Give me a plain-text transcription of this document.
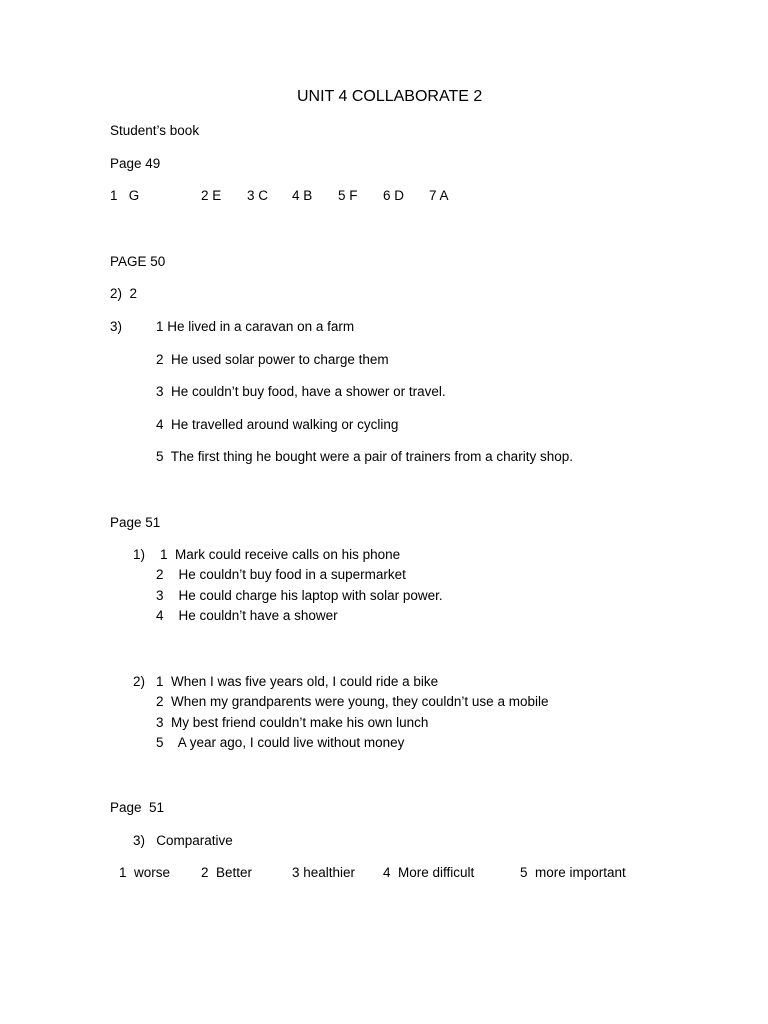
UNIT 4 COLLABORATE 2
Student’s book
Page 49
1   G	2 E 3 C 4 B 5 F 6 D 7 A
PAGE 50
2)  2
3)	1 He lived in a caravan on a farm
2  He used solar power to charge them
3  He couldn’t buy food, have a shower or travel.
4  He travelled around walking or cycling
5  The first thing he bought were a pair of trainers from a charity shop.
Page 51
1) 1  Mark could receive calls on his phone
2    He couldn’t buy food in a supermarket
3    He could charge his laptop with solar power.
4    He couldn’t have a shower
2) 1  When I was five years old, I could ride a bike
2  When my grandparents were young, they couldn’t use a mobile
3  My best friend couldn’t make his own lunch
5    A year ago, I could live without money
Page  51
3)   Comparative
1  worse 2  Better	3 healthier 4  More difficult	5  more important
